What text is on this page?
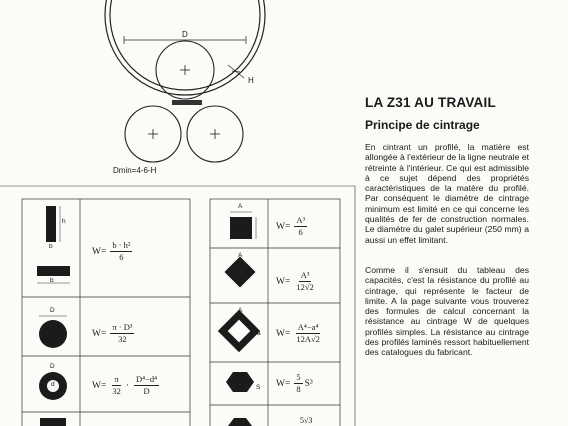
D
H
Dmin=4-6-H
h
b
b
D
D
d
A
A
A
a
S
$W= \frac{\text{b · h²}}{6}$
$W= \frac{\text{π · D³}}{32}$
$W= \frac{\pi}{32} \cdot \frac{\text{D⁴−d⁴}}{D}$
$W= \frac{\text{A³}}{6}$
$W= \frac{\text{A³}}{12√2}$
$W= \frac{\text{A⁴−a⁴}}{12A√2}$
$W= \frac{5}{8} S^3$
5√3
LA Z31 AU TRAVAIL
Principe de cintrage

En cintrant un profilé, la matière est allongée à l'extérieur de la ligne neutrale et rétreinte à l'intérieur. Ce qui est admissible à ce sujet dépend des propriétés caractéristiques de la matère du profilé. Par conséquent le diamètre de cintrage minimum est limité en ce qui concerne les qualités de fer de construction normales. Le diamètre du galet supérieur (250 mm) a aussi un effet limitant.

Comme il s'ensuit du tableau des capacités, c'est la résistance du profilé au cintrage, qui représente le facteur de limite. A la page suivante vous trouverez des formules de calcul concernant la résistance au cintrage W de quelques profilés simples. La résistance au cintrage des profilés laminés ressort habituellement des catalogues du fabricant.
